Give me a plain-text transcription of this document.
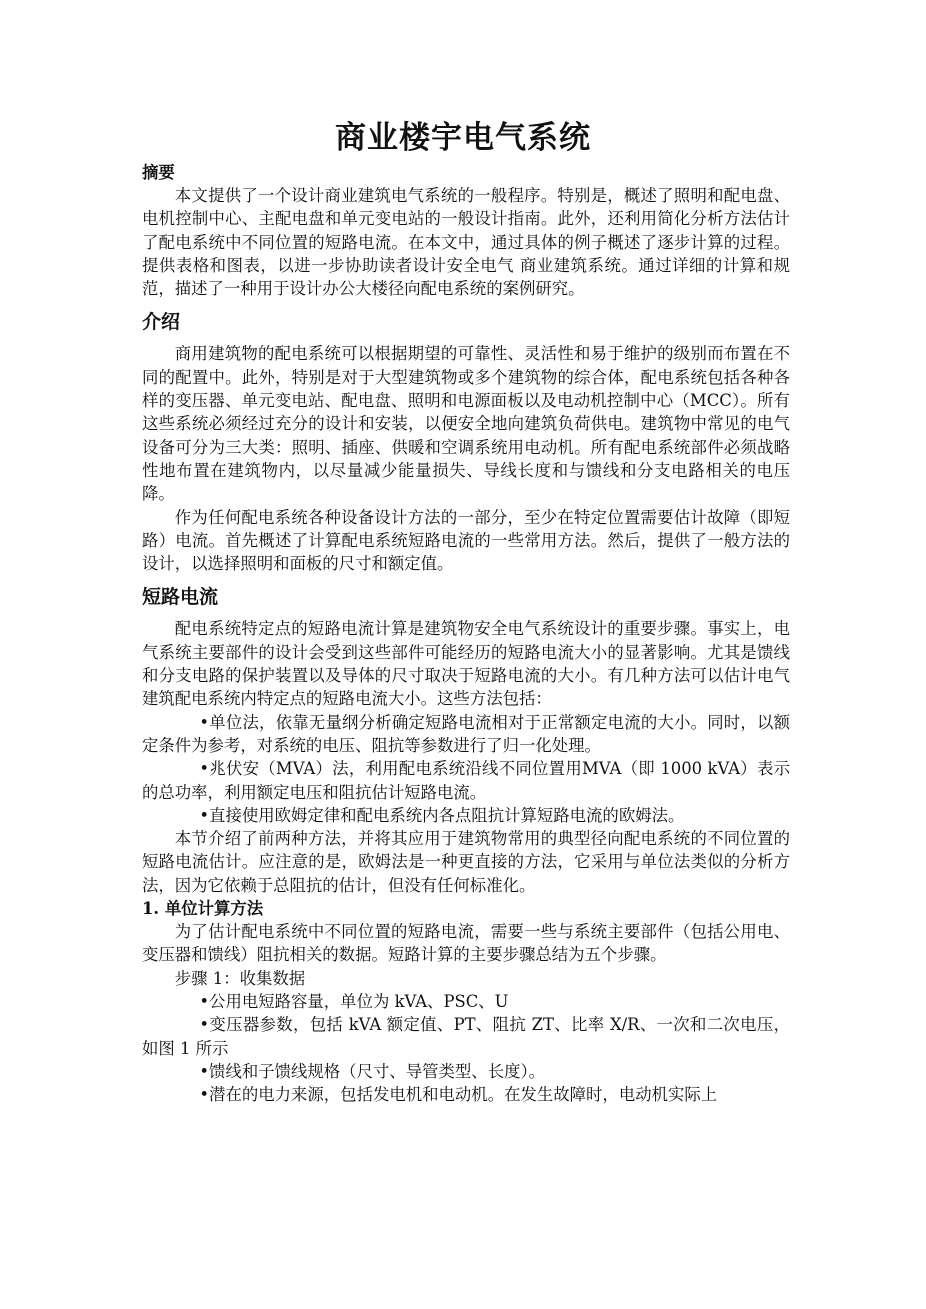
商业楼宇电气系统
摘要

本文提供了一个设计商业建筑电气系统的一般程序。特别是，概述了照明和配电盘、电机控制中心、主配电盘和单元变电站的一般设计指南。此外，还利用简化分析方法估计了配电系统中不同位置的短路电流。在本文中，通过具体的例子概述了逐步计算的过程。提供表格和图表，以进一步协助读者设计安全电气 商业建筑系统。通过详细的计算和规范，描述了一种用于设计办公大楼径向配电系统的案例研究。

介绍

商用建筑物的配电系统可以根据期望的可靠性、灵活性和易于维护的级别而布置在不同的配置中。此外，特别是对于大型建筑物或多个建筑物的综合体，配电系统包括各种各样的变压器、单元变电站、配电盘、照明和电源面板以及电动机控制中心（MCC）。所有这些系统必须经过充分的设计和安装，以便安全地向建筑负荷供电。建筑物中常见的电气设备可分为三大类：照明、插座、供暖和空调系统用电动机。所有配电系统部件必须战略性地布置在建筑物内，以尽量减少能量损失、导线长度和与馈线和分支电路相关的电压降。

作为任何配电系统各种设备设计方法的一部分，至少在特定位置需要估计故障（即短路）电流。首先概述了计算配电系统短路电流的一些常用方法。然后，提供了一般方法的设计，以选择照明和面板的尺寸和额定值。

短路电流

配电系统特定点的短路电流计算是建筑物安全电气系统设计的重要步骤。事实上，电气系统主要部件的设计会受到这些部件可能经历的短路电流大小的显著影响。尤其是馈线和分支电路的保护装置以及导体的尺寸取决于短路电流的大小。有几种方法可以估计电气建筑配电系统内特定点的短路电流大小。这些方法包括：

•单位法，依靠无量纲分析确定短路电流相对于正常额定电流的大小。同时，以额定条件为参考，对系统的电压、阻抗等参数进行了归一化处理。

•兆伏安（MVA）法，利用配电系统沿线不同位置用MVA（即 1000 kVA）表示的总功率，利用额定电压和阻抗估计短路电流。

•直接使用欧姆定律和配电系统内各点阻抗计算短路电流的欧姆法。

本节介绍了前两种方法，并将其应用于建筑物常用的典型径向配电系统的不同位置的短路电流估计。应注意的是，欧姆法是一种更直接的方法，它采用与单位法类似的分析方法，因为它依赖于总阻抗的估计，但没有任何标准化。

1. 单位计算方法

为了估计配电系统中不同位置的短路电流，需要一些与系统主要部件（包括公用电、变压器和馈线）阻抗相关的数据。短路计算的主要步骤总结为五个步骤。

步骤 1：收集数据

•公用电短路容量，单位为 kVA、PSC、U

•变压器参数，包括 kVA 额定值、PT、阻抗 ZT、比率 X/R、一次和二次电压，如图 1 所示

•馈线和子馈线规格（尺寸、导管类型、长度）。

•潜在的电力来源，包括发电机和电动机。在发生故障时，电动机实际上
